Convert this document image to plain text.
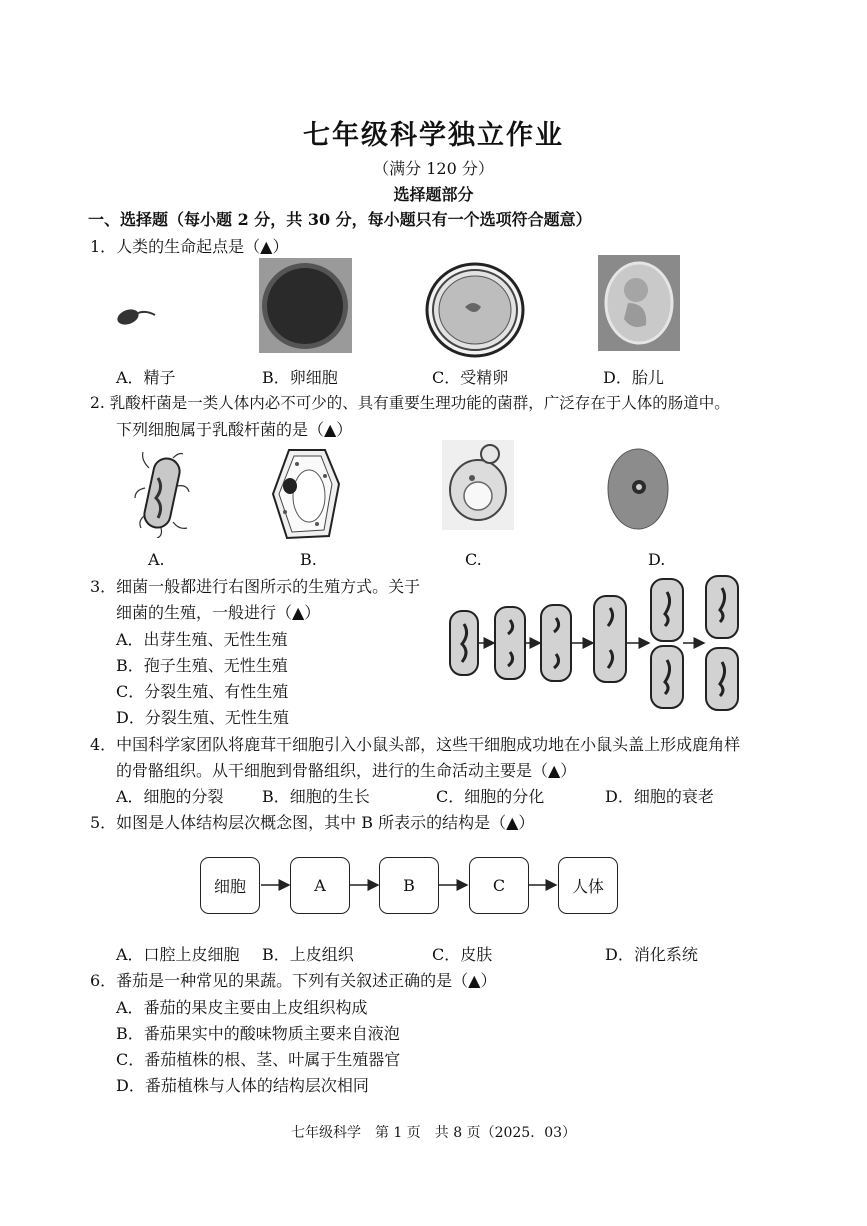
七年级科学独立作业
（满分 120 分）
选择题部分
一、选择题（每小题 2 分，共 30 分，每小题只有一个选项符合题意）
1．人类的生命起点是（▲）
A．精子	B．卵细胞	C．受精卵	D．胎儿
2. 乳酸杆菌是一类人体内必不可少的、具有重要生理功能的菌群，广泛存在于人体的肠道中。
下列细胞属于乳酸杆菌的是（▲）
A.	B.	C.	D.
3．细菌一般都进行右图所示的生殖方式。关于
细菌的生殖，一般进行（▲）
A．出芽生殖、无性生殖
B．孢子生殖、无性生殖
C．分裂生殖、有性生殖
D．分裂生殖、无性生殖
4．中国科学家团队将鹿茸干细胞引入小鼠头部，这些干细胞成功地在小鼠头盖上形成鹿角样
的骨骼组织。从干细胞到骨骼组织，进行的生命活动主要是（▲）
A．细胞的分裂 B．细胞的生长	C．细胞的分化	D．细胞的衰老
5．如图是人体结构层次概念图，其中 B 所表示的结构是（▲）
细胞	A	B	C	人体
A．口腔上皮细胞 B．上皮组织	C．皮肤	D．消化系统
6．番茄是一种常见的果蔬。下列有关叙述正确的是（▲）
A．番茄的果皮主要由上皮组织构成
B．番茄果实中的酸味物质主要来自液泡
C．番茄植株的根、茎、叶属于生殖器官
D．番茄植株与人体的结构层次相同
七年级科学　第 1 页　共 8 页（2025．03）
